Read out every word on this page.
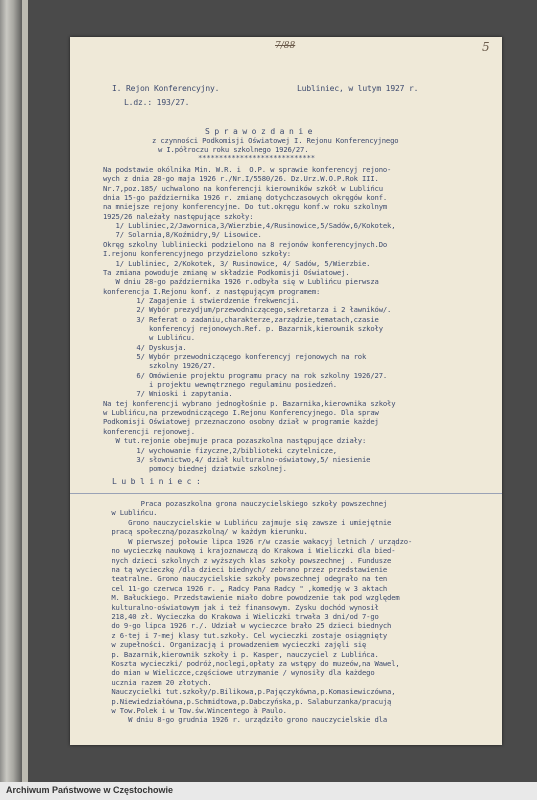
7/88	5
I. Rejon Konferencyjny.	Lubliniec, w lutym 1927 r.
L.dz.: 193/27.
S p r a w o z d a n i e
z czynności Podkomisji Oświatowej I. Rejonu Konferencyjnego
w I.półroczu roku szkolnego 1926/27.
****************************
Na podstawie okólnika Min. W.R. i  O.P. w sprawie konferencyj rejono-
wych z dnia 28-go maja 1926 r./Nr.I/5580/26. Dz.Urz.W.O.P.Rok III.
Nr.7,poz.185/ uchwalono na konferencji kierowników szkół w Lublińcu
dnia 15-go października 1926 r. zmianę dotychczasowych okręgów konf.
na mniejsze rejony konferencyjne. Do tut.okręgu konf.w roku szkolnym
1925/26 należały następujące szkoły:
1/ Lubliniec,2/Jawornica,3/Wierzbie,4/Rusinowice,5/Sadów,6/Kokotek,
7/ Solarnia,8/Koźmidry,9/ Lisowice.
Okręg szkolny lubliniecki podzielono na 8 rejonów konferencyjnych.Do
I.rejonu konferencyjnego przydzielono szkoły:
1/ Lubliniec, 2/Kokotek, 3/ Rusinowice, 4/ Sadów, 5/Wierzbie.
Ta zmiana powoduje zmianę w składzie Podkomisji Oświatowej.
W dniu 28-go października 1926 r.odbyła się w Lublińcu pierwsza
konferencja I.Rejonu konf. z następującym programem:
1/ Zagajenie i stwierdzenie frekwencji.
2/ Wybór prezydjum/przewodniczącego,sekretarza i 2 ławników/.
3/ Referat o zadaniu,charakterze,zarządzie,tematach,czasie
konferencyj rejonowych.Ref. p. Bazarnik,kierownik szkoły
w Lublińcu.
4/ Dyskusja.
5/ Wybór przewodniczącego konferencyj rejonowych na rok
szkolny 1926/27.
6/ Omówienie projektu programu pracy na rok szkolny 1926/27.
i projektu wewnętrznego regulaminu posiedzeń.
7/ Wnioski i zapytania.
Na tej konferencji wybrano jednogłośnie p. Bazarnika,kierownika szkoły
w Lublińcu,na przewodniczącego I.Rejonu Konferencyjnego. Dla spraw
Podkomisji Oświatowej przeznaczono osobny dział w programie każdej
konferencji rejonowej.
W tut.rejonie obejmuje praca pozaszkolna następujące działy:
1/ wychowanie fizyczne,2/biblioteki czytelnicze,
3/ słownictwo,4/ dział kulturalno-oświatowy,5/ niesienie
pomocy biednej dziatwie szkolnej.
L u b l i n i e c :
Praca pozaszkolna grona nauczycielskiego szkoły powszechnej
w Lublińcu.
Grono nauczycielskie w Lublińcu zajmuje się zawsze i umiejętnie
pracą społeczną/pozaszkolną/ w każdym kierunku.
W pierwszej połowie lipca 1926 r/w czasie wakacyj letnich / urządzo-
no wycieczkę naukową i krajoznawczą do Krakowa i Wieliczki dla bied-
nych dzieci szkolnych z wyższych klas szkoły powszechnej . Fundusze
na tą wycieczkę /dla dzieci biednych/ zebrano przez przedstawienie
teatralne. Grono nauczycielskie szkoły powszechnej odegrało na ten
cel 11-go czerwca 1926 r. „ Radcy Pana Radcy " ,komedję w 3 aktach
M. Bałuckiego. Przedstawienie miało dobre powodzenie tak pod względem
kulturalno-oświatowym jak i też finansowym. Zysku dochód wynosił
218,40 zł. Wycieczka do Krakowa i Wieliczki trwała 3 dni/od 7-go
do 9-go lipca 1926 r./. Udział w wycieczce brało 25 dzieci biednych
z 6-tej i 7-mej klasy tut.szkoły. Cel wycieczki zostaje osiągnięty
w zupełności. Organizacją i prowadzeniem wycieczki zajęli się
p. Bazarnik,kierownik szkoły i p. Kasper, nauczyciel z Lublińca.
Koszta wycieczki/ podróż,noclegi,opłaty za wstępy do muzeów,na Wawel,
do mian w Wieliczce,częściowe utrzymanie / wynosiły dla każdego
ucznia razem 20 złotych.
Nauczycielki tut.szkoły/p.Bilikowa,p.Pajęczykówna,p.Komasiewiczówna,
p.Niewiedziałówna,p.Schmidtowa,p.Dabczyńska,p. Salaburzanka/pracują
w Tow.Polek i w Tow.św.Wincentego à Paulo.
W dniu 8-go grudnia 1926 r. urządziło grono nauczycielskie dla
Archiwum Państwowe w Częstochowie
